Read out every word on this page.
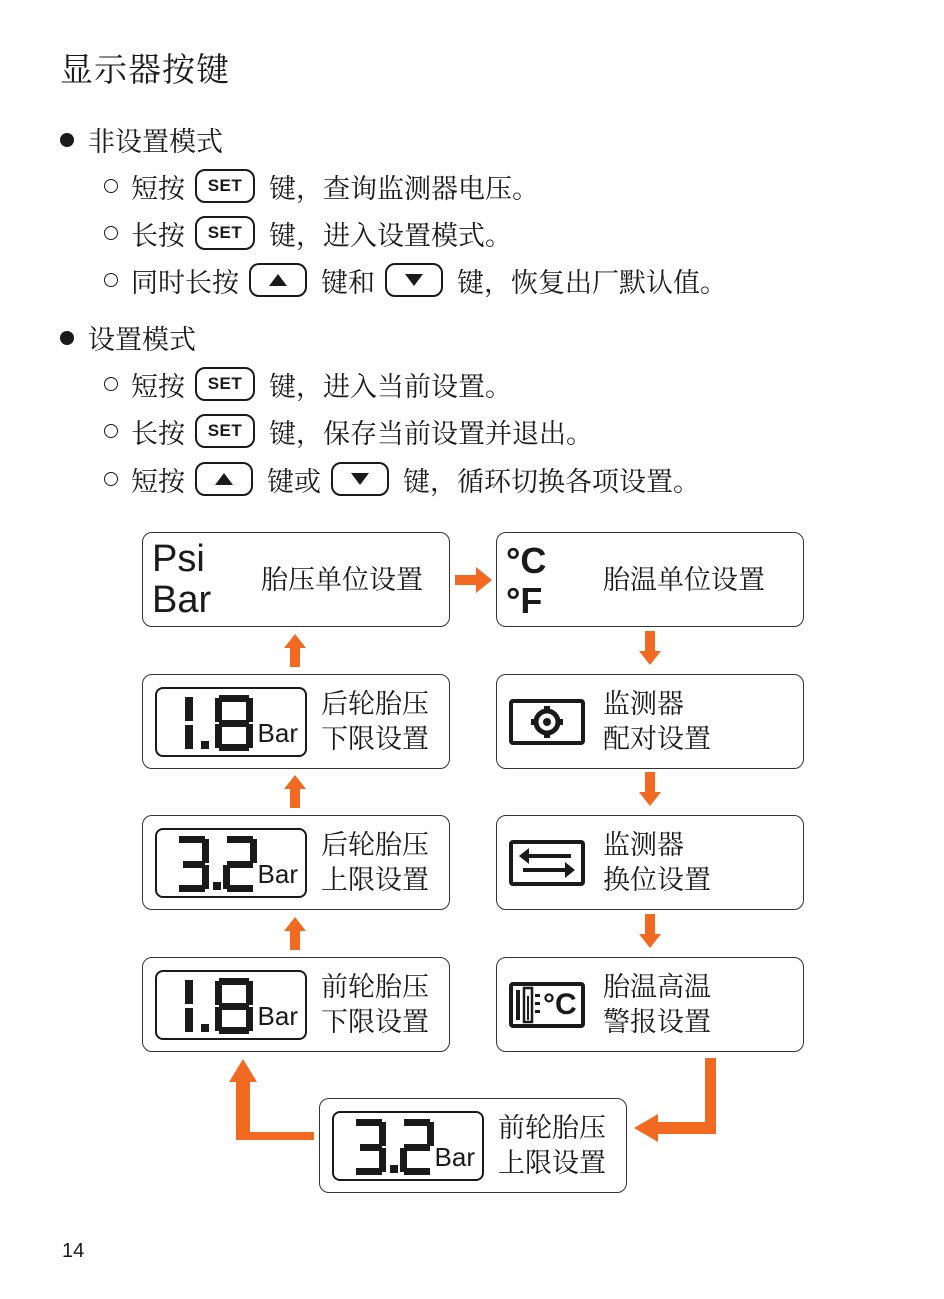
显示器按键
非设置模式
短按	SET 键，查询监测器电压。
长按	SET 键，进入设置模式。
同时长按	键和	键，恢复出厂默认值。
设置模式
短按	SET 键，进入当前设置。
长按	SET 键，保存当前设置并退出。
短按	键或	键，循环切换各项设置。
Psi
Bar 胎压单位设置 °C
°F 胎温单位设置
Bar
后轮胎压
下限设置
Bar
后轮胎压
上限设置
Bar
前轮胎压
下限设置
Bar
前轮胎压
上限设置
监测器
配对设置
监测器
换位设置
°C
胎温高温
警报设置
14
